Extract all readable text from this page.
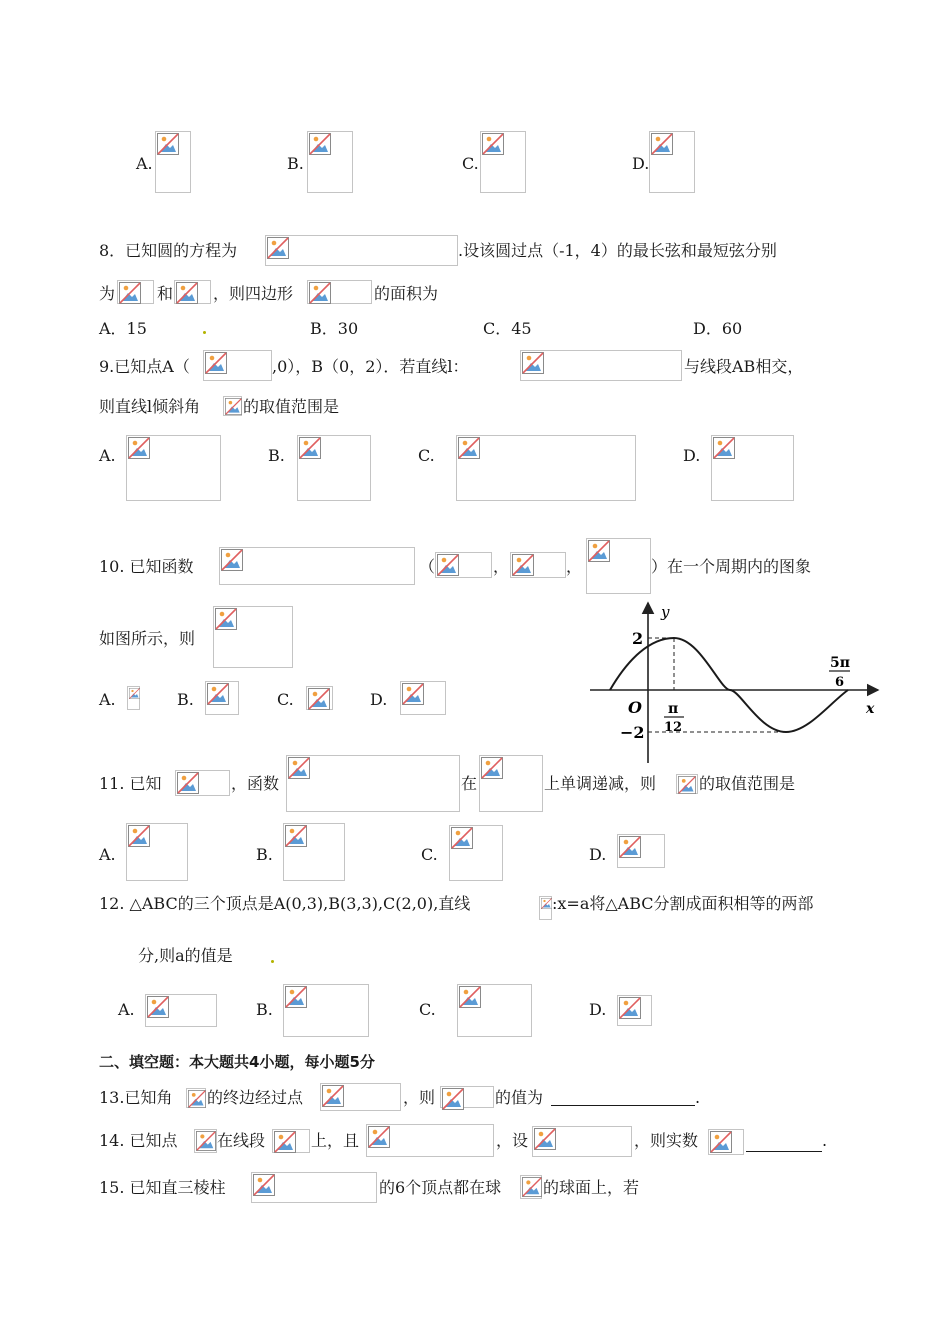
A.	B.	C.	D.
8．已知圆的方程为	.设该圆过点（-1，4）的最长弦和最短弦分别
为	和 ，则四边形	的面积为
A．15	B．30	C．45	D．60
9.已知点A（	,0），B（0，2）．若直线l：	与线段AB相交，
则直线l倾斜角	的取值范围是
A.	B.	C.	D.
10. 已知函数	（	，	，	）在一个周期内的图象
如图所示，则
A.	B.	C.	D.
y
x
O
2
−2
π
12
5π
6
11. 已知	，函数	在	上单调递减，则	的取值范围是
A.	B.	C.	D.
12. △ABC的三个顶点是A(0,3),B(3,3),C(2,0),直线	:x=a将△ABC分割成面积相等的两部
分,则a的值是
A.	B.	C.	D.
二、填空题：本大题共4小题，每小题5分
13.已知角 的终边经过点	，则	的值为	.
14. 已知点 在线段	上，且	，设	，则实数	.
15. 已知直三棱柱	的6个顶点都在球	的球面上，若
